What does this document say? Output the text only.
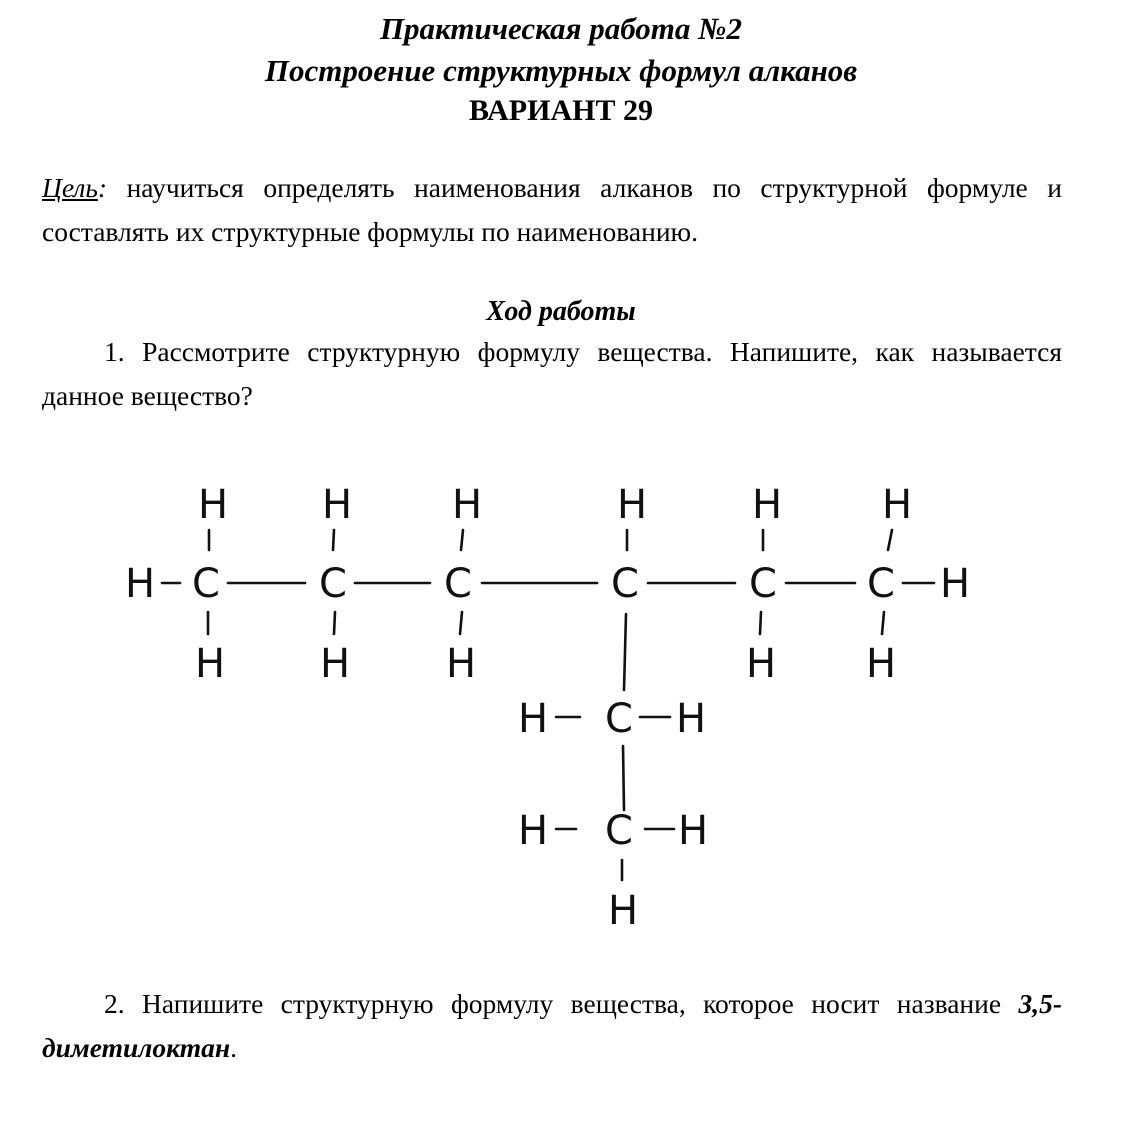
Практическая работа №2
Построение структурных формул алканов
ВАРИАНТ 29
Цель: научиться определять наименования алканов по структурной формуле и составлять их структурные формулы по наименованию.
Ход работы
1. Рассмотрите структурную формулу вещества. Напишите, как называется данное вещество?
C C C	C	C C
H	H
H H H	H	H H
H H H	H H
H C H
H C H
H
2. Напишите структурную формулу вещества, которое носит название 3,5-диметилоктан.
